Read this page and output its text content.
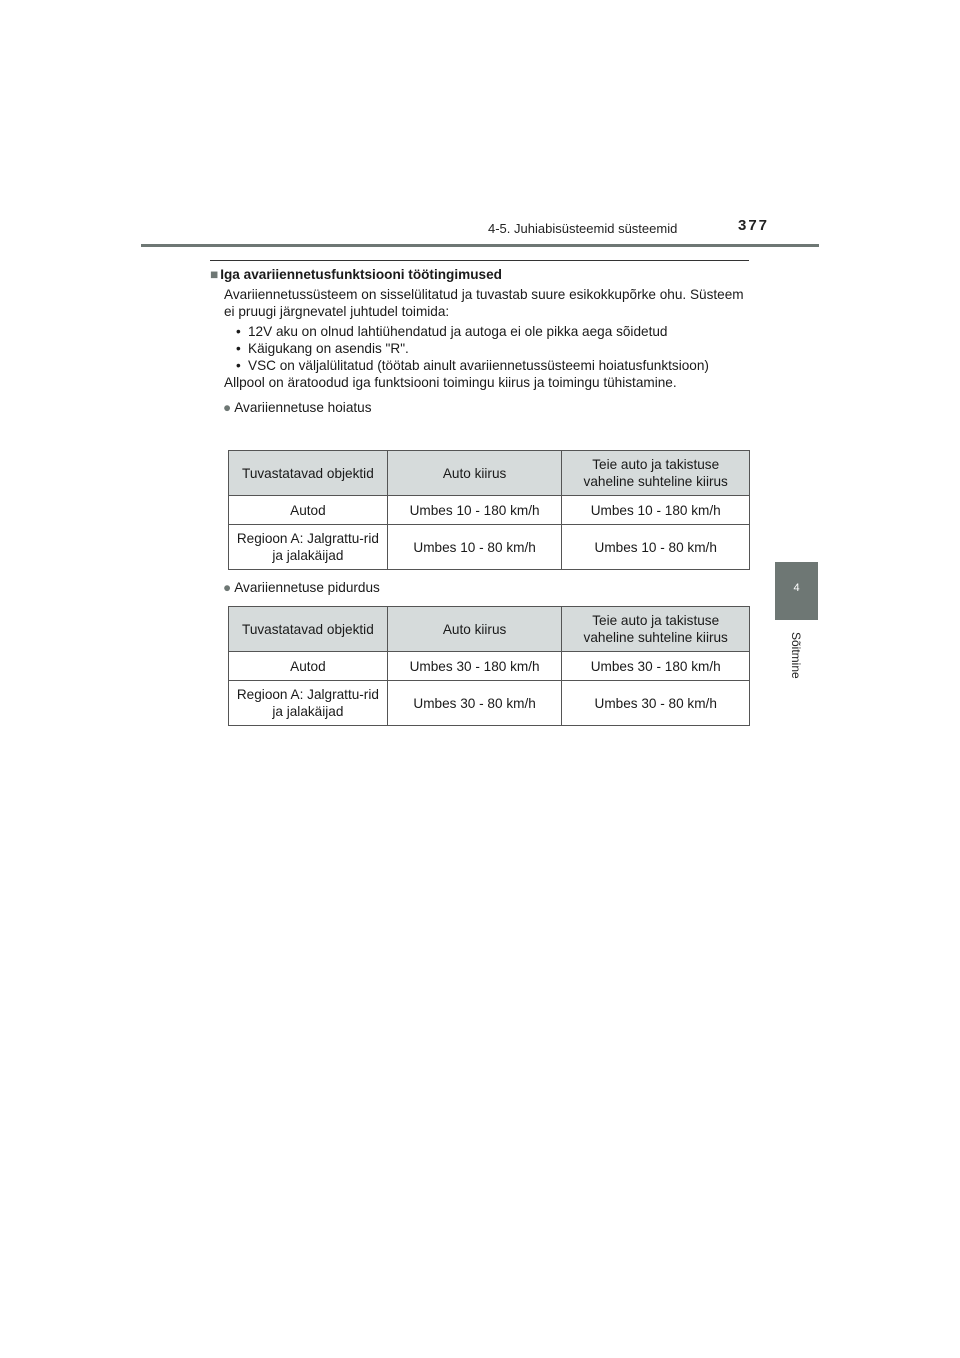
4-5. Juhiabisüsteemid süsteemid	377
4
Sõitmine

■ Iga avariiennetusfunktsiooni töötingimused

Avariiennetussüsteem on sisselülitatud ja tuvastab suure esikokkupõrke ohu. Süsteem ei pruugi järgnevatel juhtudel toimida:

• 12V aku on olnud lahtiühendatud ja autoga ei ole pikka aega sõidetud
• Käigukang on asendis "R".
• VSC on väljalülitatud (töötab ainult avariiennetussüsteemi hoiatusfunktsioon)

Allpool on äratoodud iga funktsiooni toimingu kiirus ja toimingu tühistamine.

● Avariiennetuse hoiatus

Tuvastatavad objektid	Auto kiirus	Teie auto ja takistuse vaheline suhteline kiirus
Autod	Umbes 10 - 180 km/h	Umbes 10 - 180 km/h
Regioon A: Jalgrattu-rid ja jalakäijad	Umbes 10 - 80 km/h	Umbes 10 - 80 km/h
● Avariiennetuse pidurdus
Tuvastatavad objektid	Auto kiirus	Teie auto ja takistuse vaheline suhteline kiirus
Autod	Umbes 30 - 180 km/h	Umbes 30 - 180 km/h
Regioon A: Jalgrattu-rid ja jalakäijad	Umbes 30 - 80 km/h	Umbes 30 - 80 km/h
